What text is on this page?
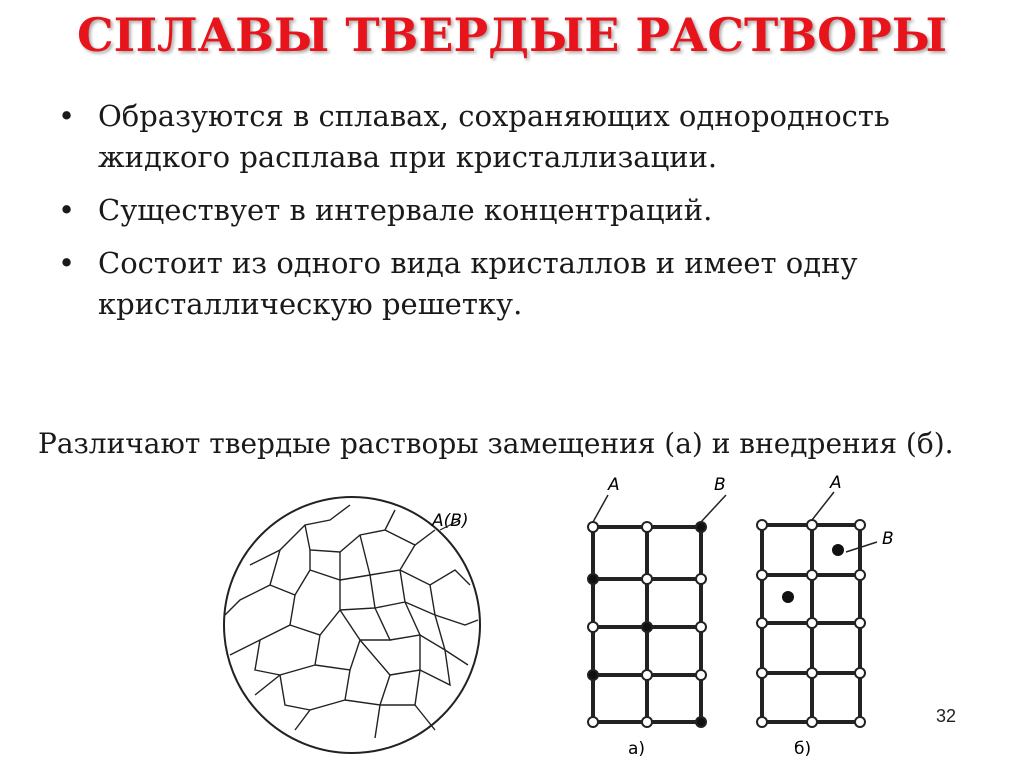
СПЛАВЫ ТВЕРДЫЕ РАСТВОРЫ
• Образуются в сплавах, сохраняющих однородность жидкого расплава при кристаллизации.
• Существует в интервале концентраций.
• Состоит из одного вида кристаллов и имеет одну кристаллическую решетку.
Различают твердые растворы замещения (а) и внедрения (б).
А(В)
А	В
а)
А
В
б)
32
